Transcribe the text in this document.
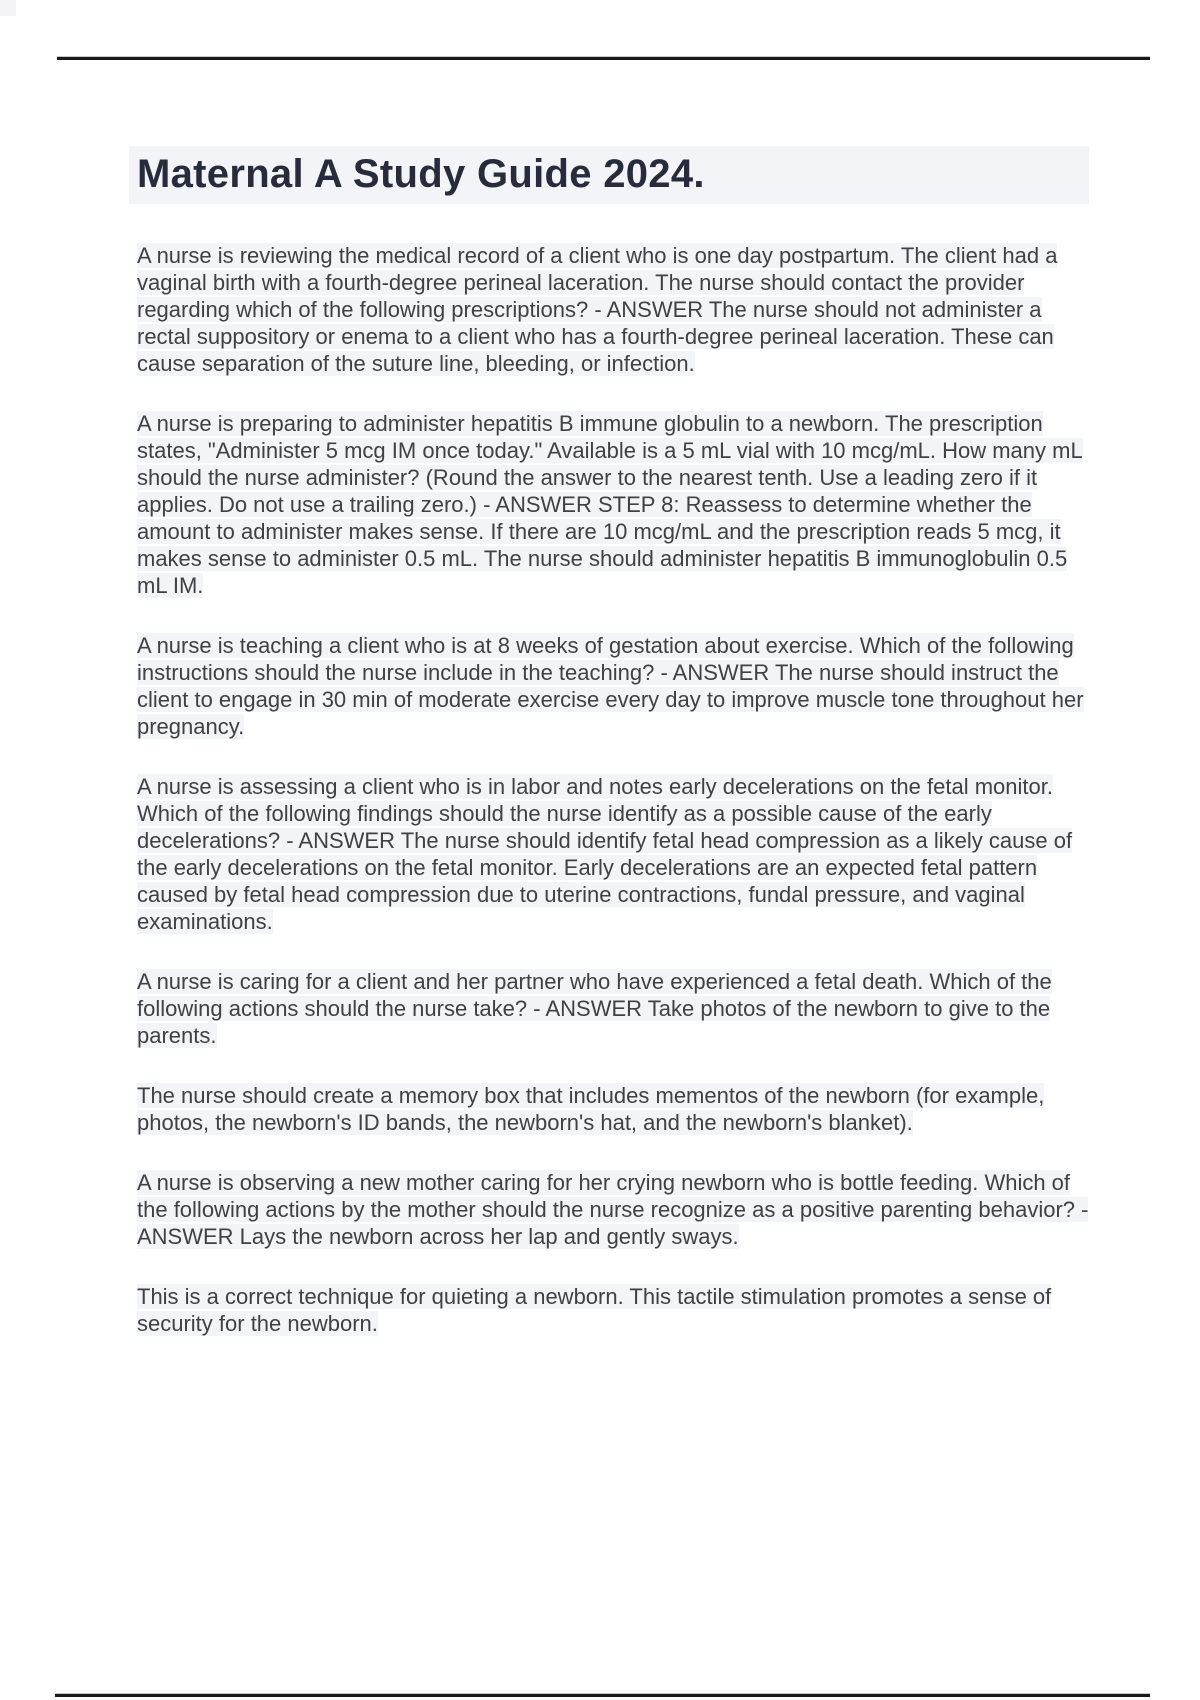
Maternal A Study Guide 2024.

A nurse is reviewing the medical record of a client who is one day postpartum. The client had a vaginal birth with a fourth-degree perineal laceration. The nurse should contact the provider regarding which of the following prescriptions? - ANSWER The nurse should not administer a rectal suppository or enema to a client who has a fourth-degree perineal laceration. These can cause separation of the suture line, bleeding, or infection.

A nurse is preparing to administer hepatitis B immune globulin to a newborn. The prescription states, "Administer 5 mcg IM once today." Available is a 5 mL vial with 10 mcg/mL. How many mL should the nurse administer? (Round the answer to the nearest tenth. Use a leading zero if it applies. Do not use a trailing zero.) - ANSWER STEP 8: Reassess to determine whether the amount to administer makes sense. If there are 10 mcg/mL and the prescription reads 5 mcg, it makes sense to administer 0.5 mL. The nurse should administer hepatitis B immunoglobulin 0.5 mL IM.

A nurse is teaching a client who is at 8 weeks of gestation about exercise. Which of the following instructions should the nurse include in the teaching? - ANSWER The nurse should instruct the client to engage in 30 min of moderate exercise every day to improve muscle tone throughout her pregnancy.

A nurse is assessing a client who is in labor and notes early decelerations on the fetal monitor. Which of the following findings should the nurse identify as a possible cause of the early decelerations? - ANSWER The nurse should identify fetal head compression as a likely cause of the early decelerations on the fetal monitor. Early decelerations are an expected fetal pattern caused by fetal head compression due to uterine contractions, fundal pressure, and vaginal examinations.

A nurse is caring for a client and her partner who have experienced a fetal death. Which of the following actions should the nurse take? - ANSWER Take photos of the newborn to give to the parents.

The nurse should create a memory box that includes mementos of the newborn (for example, photos, the newborn's ID bands, the newborn's hat, and the newborn's blanket).

A nurse is observing a new mother caring for her crying newborn who is bottle feeding. Which of the following actions by the mother should the nurse recognize as a positive parenting behavior? - ANSWER Lays the newborn across her lap and gently sways.

This is a correct technique for quieting a newborn. This tactile stimulation promotes a sense of security for the newborn.
